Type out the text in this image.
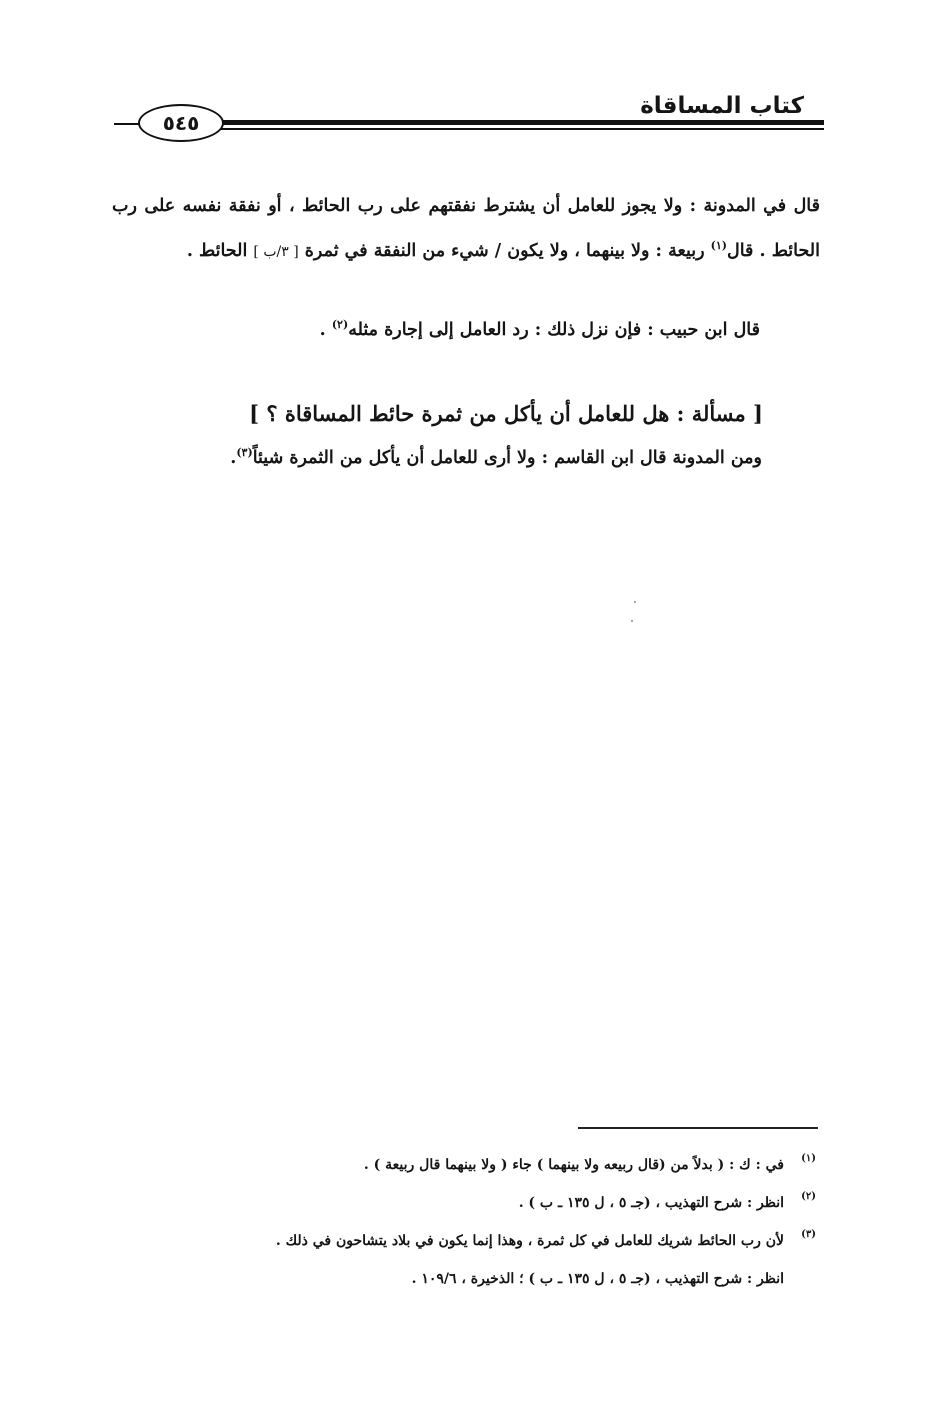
٥٤٥
كتاب المساقاة
قال في المدونة : ولا يجوز للعامل أن يشترط نفقتهم على رب الحائط ، أو نفقة نفسه على رب الحائط . قال$^{(١)}$ ربيعة : ولا بينهما ، ولا يكون / شيء من النفقة في ثمرة [ ٣/ب ] الحائط .
قال ابن حبيب : فإن نزل ذلك : رد العامل إلى إجارة مثله$^{(٢)}$ .
[ مسألة : هل للعامل أن يأكل من ثمرة حائط المساقاة ؟ ]
ومن المدونة قال ابن القاسم : ولا أرى للعامل أن يأكل من الثمرة شيئاً$^{(٣)}$.
(١)
في : ك : ( بدلاً من (قال ربيعه ولا بينهما ) جاء ( ولا بينهما قال ربيعة ) .
(٢)
انظر : شرح التهذيب ، (جـ ٥ ، ل ١٣٥ ـ ب ) .
(٣)
لأن رب الحائط شريك للعامل في كل ثمرة ، وهذا إنما يكون في بلاد يتشاحون في ذلك .
انظر : شرح التهذيب ، (جـ ٥ ، ل ١٣٥ ـ ب ) ؛ الذخيرة ، ١٠٩/٦ .
